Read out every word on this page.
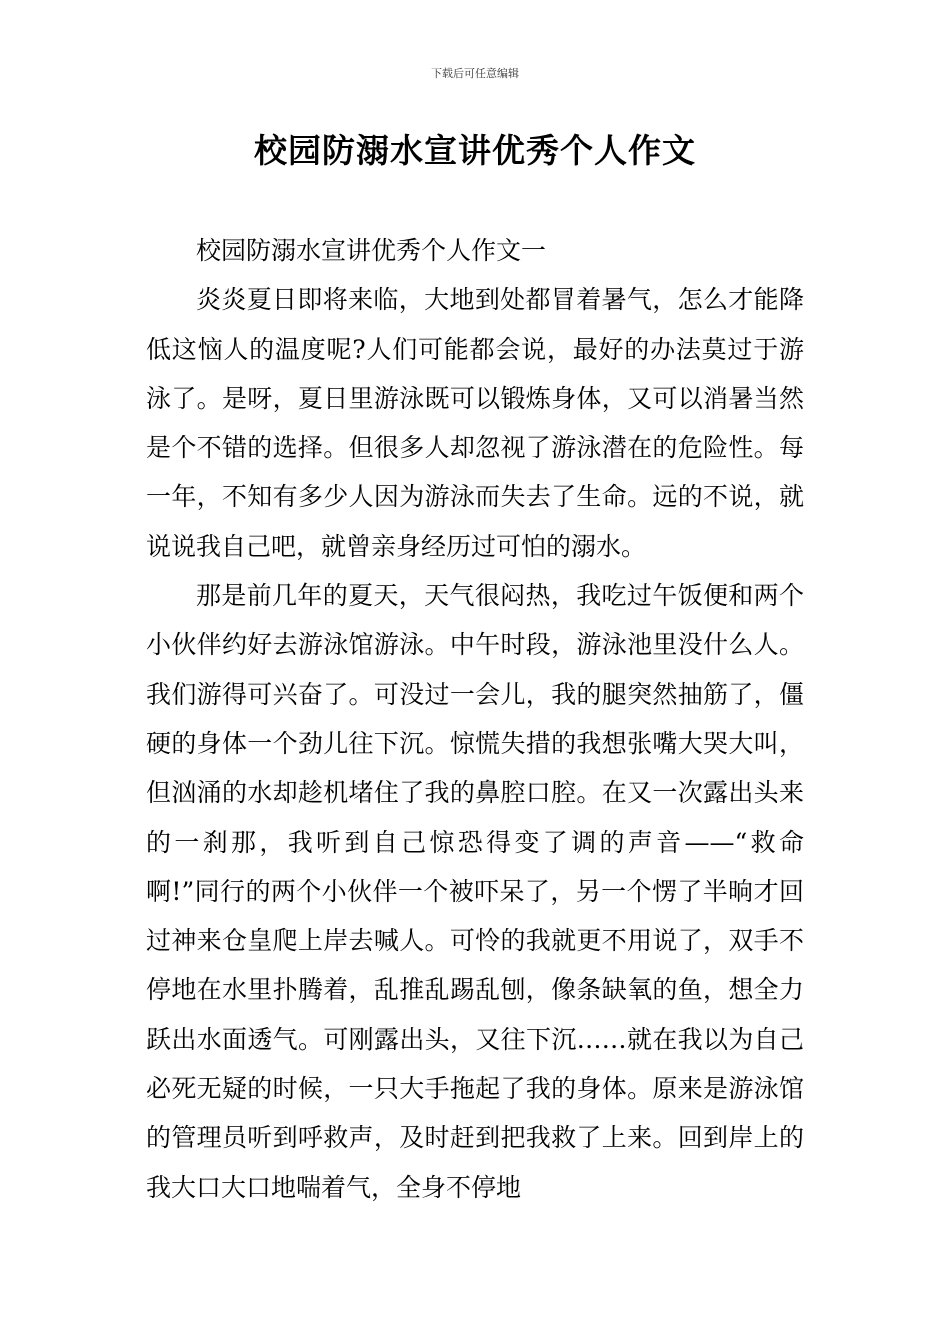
下载后可任意编辑
校园防溺水宣讲优秀个人作文

校园防溺水宣讲优秀个人作文一

炎炎夏日即将来临，大地到处都冒着暑气，怎么才能降低这恼人的温度呢?人们可能都会说，最好的办法莫过于游泳了。是呀，夏日里游泳既可以锻炼身体，又可以消暑当然是个不错的选择。但很多人却忽视了游泳潜在的危险性。每一年，不知有多少人因为游泳而失去了生命。远的不说，就说说我自己吧，就曾亲身经历过可怕的溺水。

那是前几年的夏天，天气很闷热，我吃过午饭便和两个小伙伴约好去游泳馆游泳。中午时段，游泳池里没什么人。我们游得可兴奋了。可没过一会儿，我的腿突然抽筋了，僵硬的身体一个劲儿往下沉。惊慌失措的我想张嘴大哭大叫，但汹涌的水却趁机堵住了我的鼻腔口腔。在又一次露出头来的一刹那，我听到自己惊恐得变了调的声音——“救命啊!”同行的两个小伙伴一个被吓呆了，另一个愣了半晌才回过神来仓皇爬上岸去喊人。可怜的我就更不用说了，双手不停地在水里扑腾着，乱推乱踢乱刨，像条缺氧的鱼，想全力跃出水面透气。可刚露出头，又往下沉……就在我以为自己必死无疑的时候，一只大手拖起了我的身体。原来是游泳馆的管理员听到呼救声，及时赶到把我救了上来。回到岸上的我大口大口地喘着气，全身不停地
